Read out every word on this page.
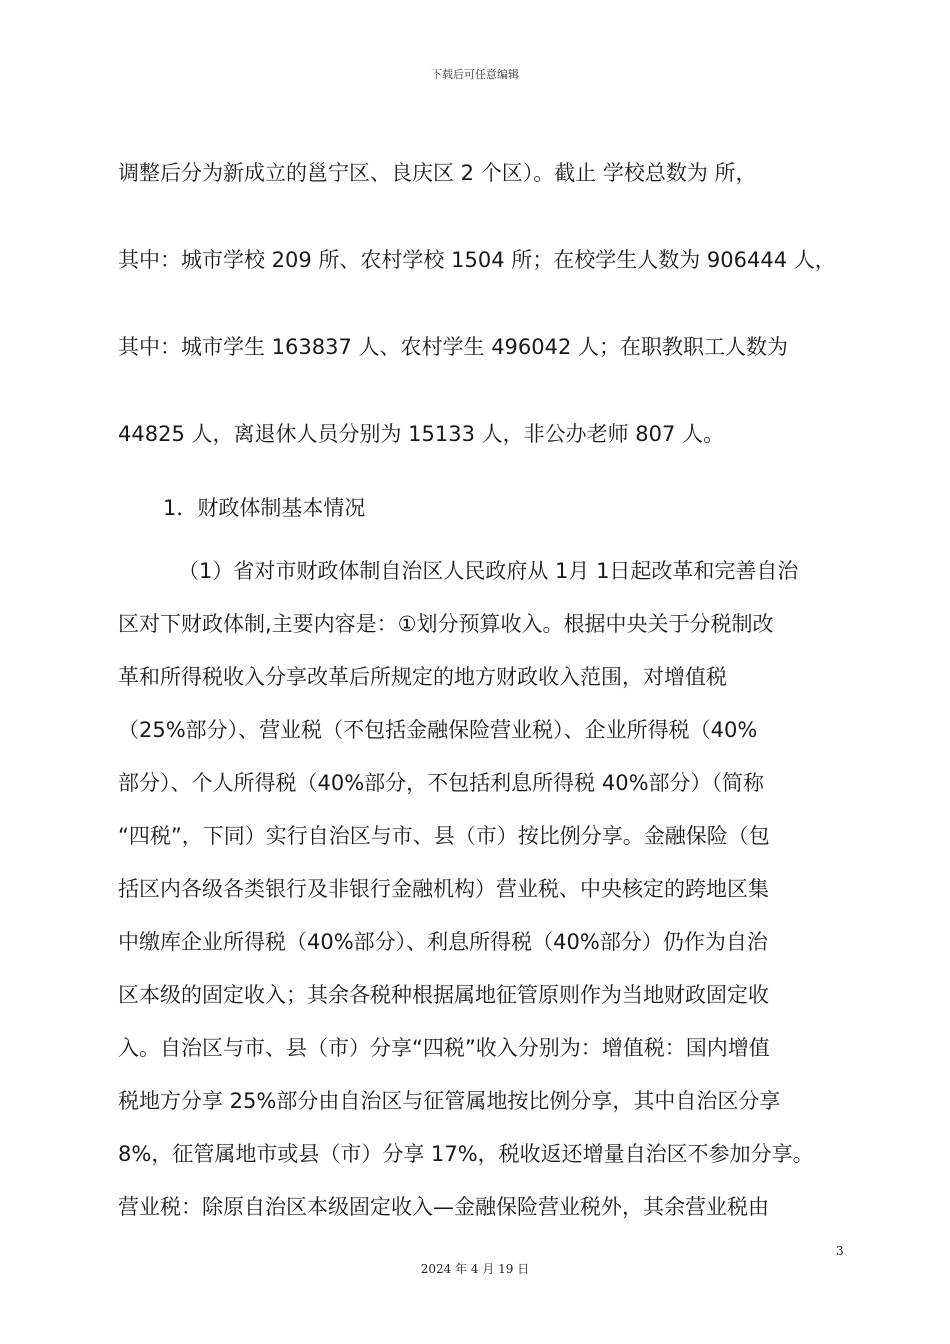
下载后可任意编辑
调整后分为新成立的邕宁区、良庆区 2 个区）。截止 学校总数为 所，
其中：城市学校 209 所、农村学校 1504 所；在校学生人数为 906444 人，
其中：城市学生 163837 人、农村学生 496042 人；在职教职工人数为
44825 人，离退休人员分别为 15133 人，非公办老师 807 人。
1．财政体制基本情况
（1）省对市财政体制自治区人民政府从 1月 1日起改革和完善自治
区对下财政体制,主要内容是：①划分预算收入。根据中央关于分税制改
革和所得税收入分享改革后所规定的地方财政收入范围，对增值税
（25%部分）、营业税（不包括金融保险营业税）、企业所得税（40%
部分）、个人所得税（40%部分，不包括利息所得税 40%部分）（简称
“四税”，下同）实行自治区与市、县（市）按比例分享。金融保险（包
括区内各级各类银行及非银行金融机构）营业税、中央核定的跨地区集
中缴库企业所得税（40%部分）、利息所得税（40%部分）仍作为自治
区本级的固定收入；其余各税种根据属地征管原则作为当地财政固定收
入。自治区与市、县（市）分享“四税”收入分别为：增值税：国内增值
税地方分享 25%部分由自治区与征管属地按比例分享，其中自治区分享
8%，征管属地市或县（市）分享 17%，税收返还增量自治区不参加分享。
营业税：除原自治区本级固定收入—金融保险营业税外，其余营业税由
3
2024 年 4 月 19 日
